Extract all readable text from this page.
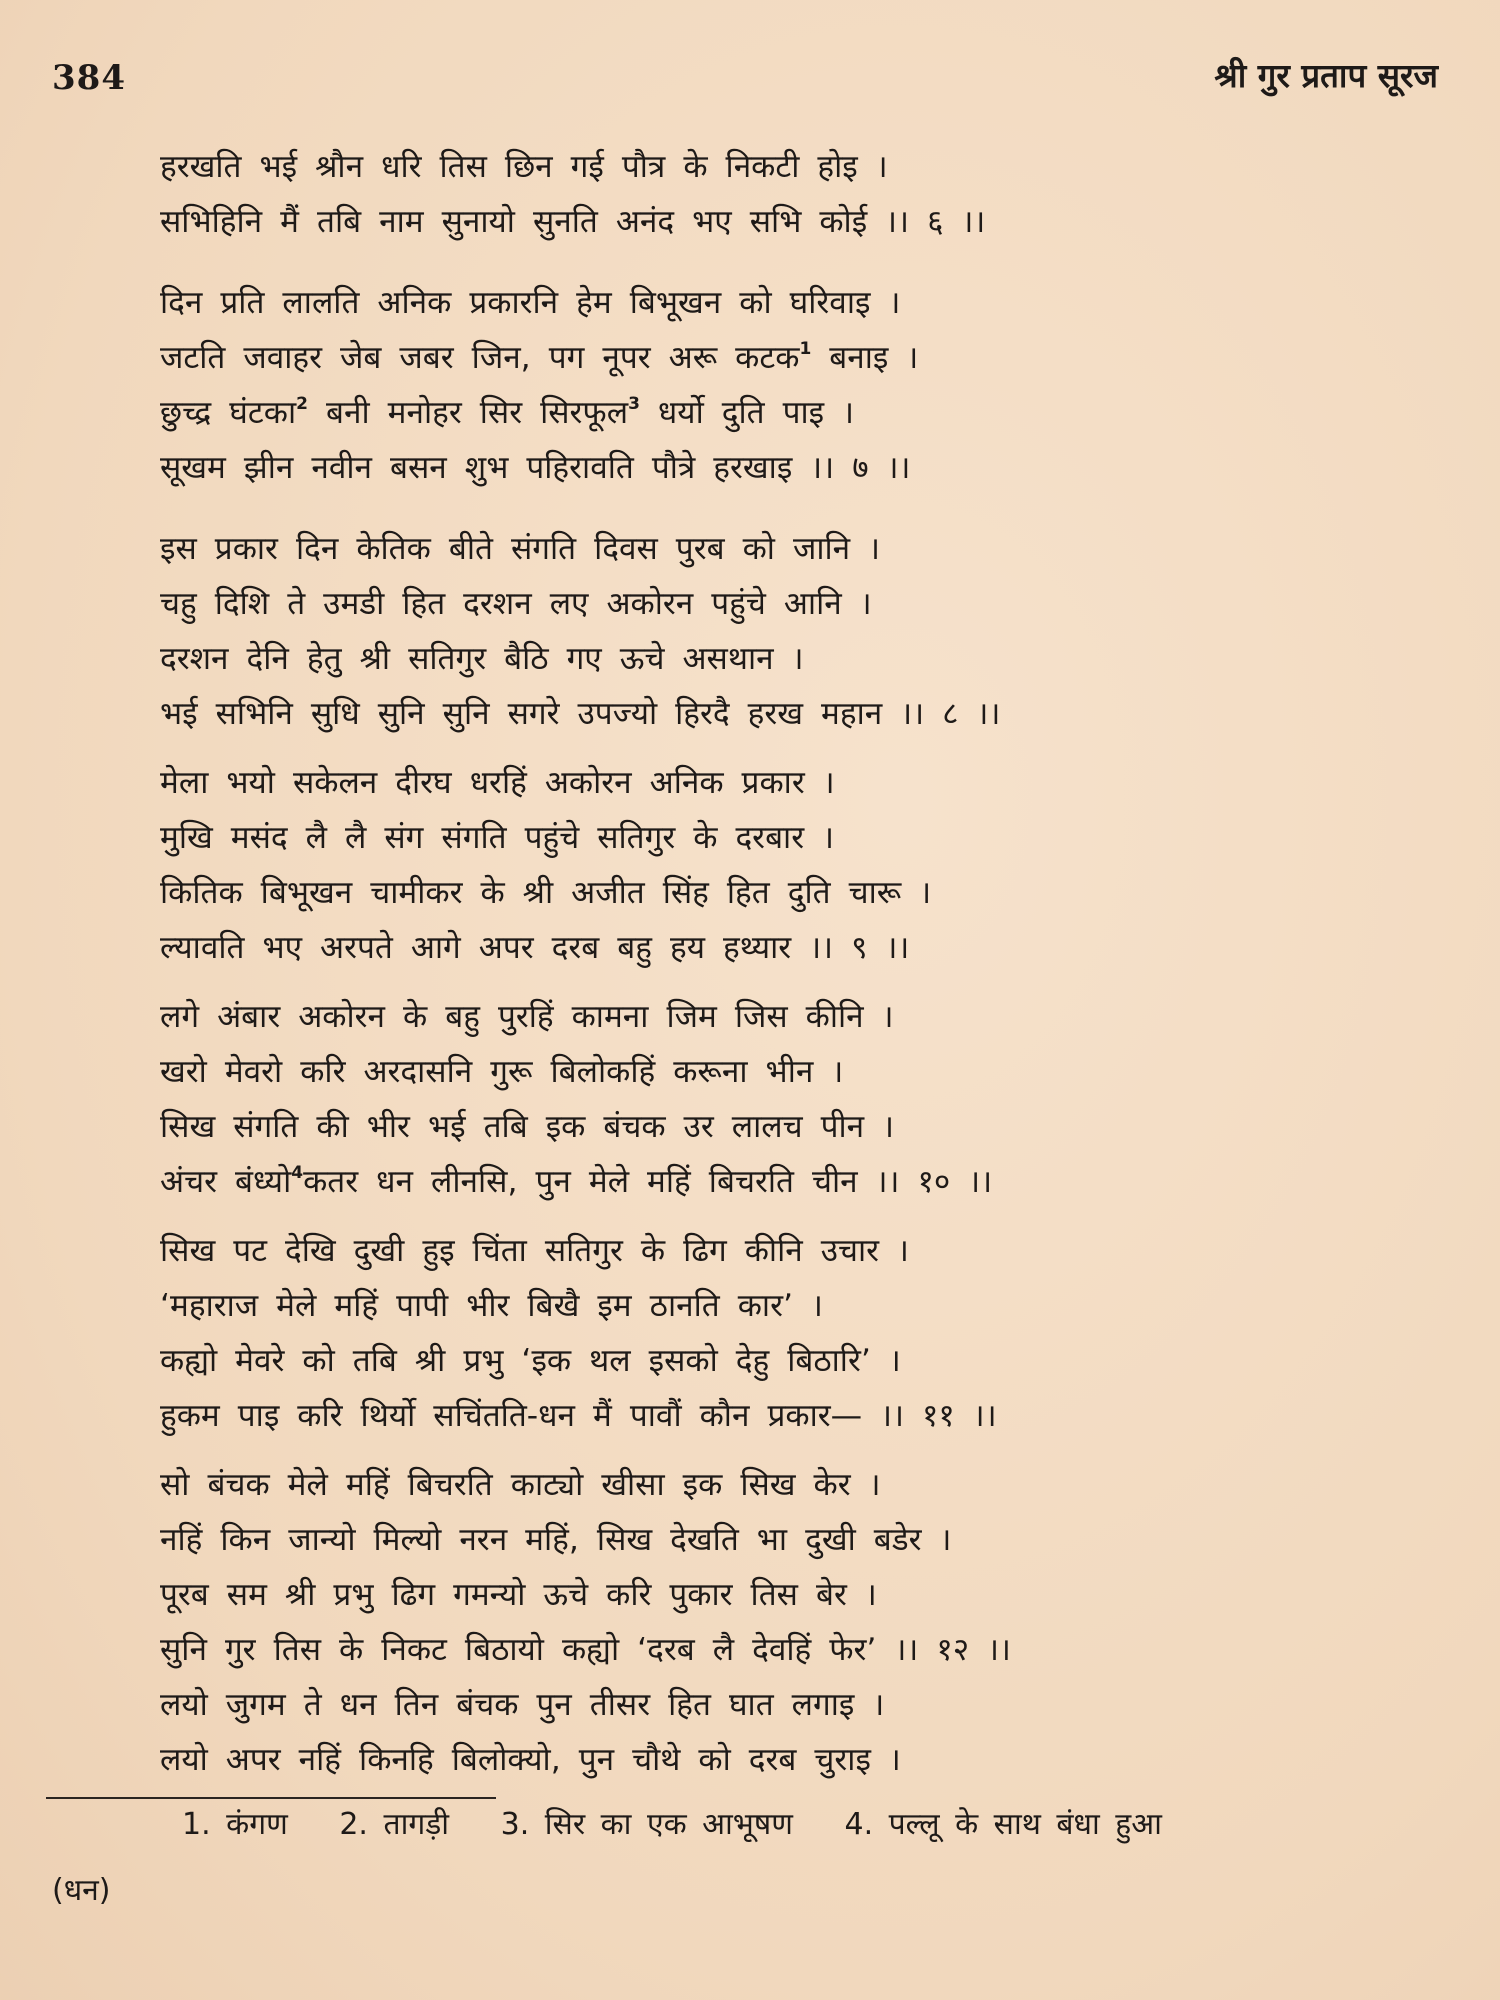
384	श्री गुर प्रताप सूरज
हरखति भई श्रौन धरि तिस छिन गई पौत्र के निकटी होइ ।
सभिहिनि मैं तबि नाम सुनायो सुनति अनंद भए सभि कोई ।। ६ ।।
दिन प्रति लालति अनिक प्रकारनि हेम बिभूखन को घरिवाइ ।
जटति जवाहर जेब जबर जिन, पग नूपर अरू कटक$^1$ बनाइ ।
छुच्द्र घंटका$^2$ बनी मनोहर सिर सिरफूल$^3$ धर्यो दुति पाइ ।
सूखम झीन नवीन बसन शुभ पहिरावति पौत्रे हरखाइ ।। ७ ।।
इस प्रकार दिन केतिक बीते संगति दिवस पुरब को जानि ।
चहु दिशि ते उमडी हित दरशन लए अकोरन पहुंचे आनि ।
दरशन देनि हेतु श्री सतिगुर बैठि गए ऊचे असथान ।
भई सभिनि सुधि सुनि सुनि सगरे उपज्यो हिरदै हरख महान ।। ८ ।।
मेला भयो सकेलन दीरघ धरहिं अकोरन अनिक प्रकार ।
मुखि मसंद लै लै संग संगति पहुंचे सतिगुर के दरबार ।
कितिक बिभूखन चामीकर के श्री अजीत सिंह हित दुति चारू ।
ल्यावति भए अरपते आगे अपर दरब बहु हय हथ्यार ।। ९ ।।
लगे अंबार अकोरन के बहु पुरहिं कामना जिम जिस कीनि ।
खरो मेवरो करि अरदासनि गुरू बिलोकहिं करूना भीन ।
सिख संगति की भीर भई तबि इक बंचक उर लालच पीन ।
अंचर बंध्यो$^4$कतर धन लीनसि, पुन मेले महिं बिचरति चीन ।। १० ।।
सिख पट देखि दुखी हुइ चिंता सतिगुर के ढिग कीनि उचार ।
‘महाराज मेले महिं पापी भीर बिखै इम ठानति कार’ ।
कह्यो मेवरे को तबि श्री प्रभु ‘इक थल इसको देहु बिठारि’ ।
हुकम पाइ करि थिर्यो सचिंतति-धन मैं पावौं कौन प्रकार— ।। ११ ।।
सो बंचक मेले महिं बिचरति काट्यो खीसा इक सिख केर ।
नहिं किन जान्यो मिल्यो नरन महिं, सिख देखति भा दुखी बडेर ।
पूरब सम श्री प्रभु ढिग गमन्यो ऊचे करि पुकार तिस बेर ।
सुनि गुर तिस के निकट बिठायो कह्यो ‘दरब लै देवहिं फेर’ ।। १२ ।।
लयो जुगम ते धन तिन बंचक पुन तीसर हित घात लगाइ ।
लयो अपर नहिं किनहि बिलोक्यो, पुन चौथे को दरब चुराइ ।
1. कंगण 2. तागड़ी 3. सिर का एक आभूषण 4. पल्लू के साथ बंधा हुआ
(धन)
